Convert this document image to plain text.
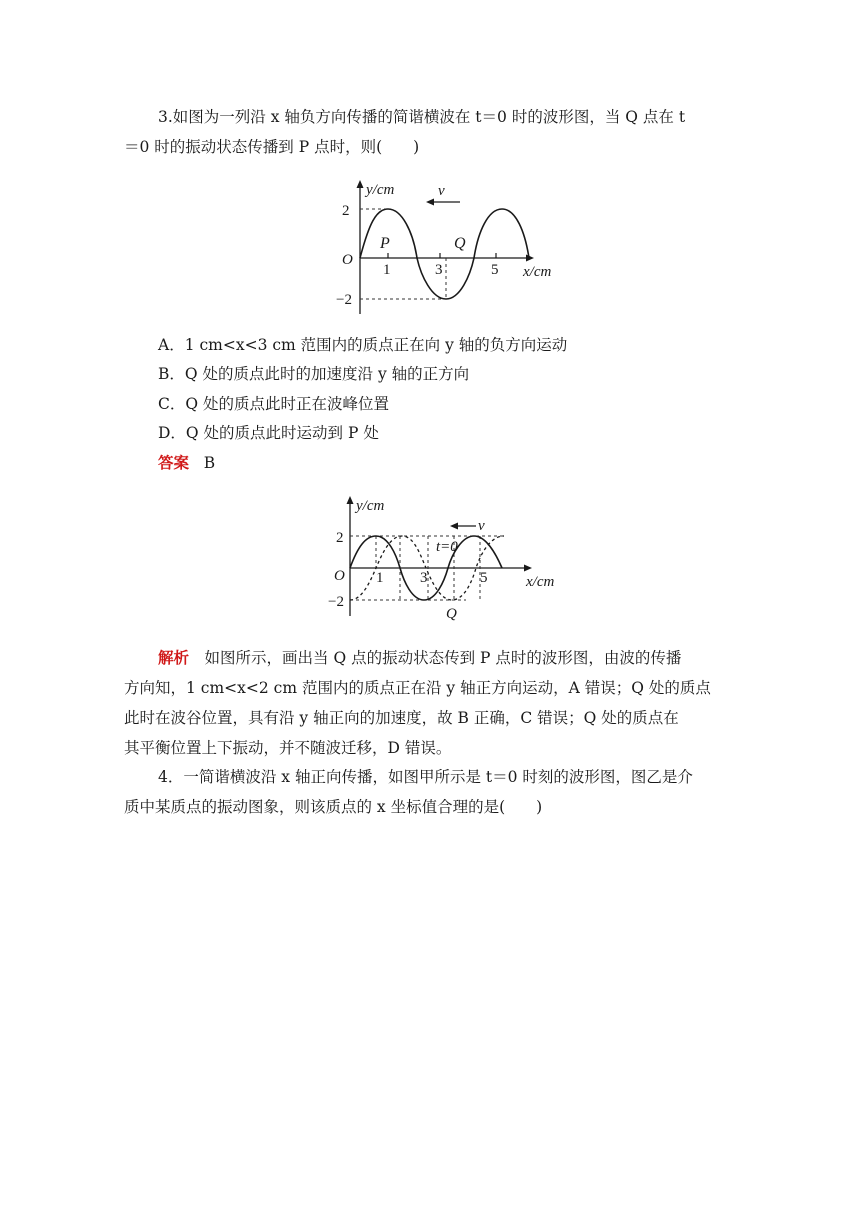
3.如图为一列沿 x 轴负方向传播的简谐横波在 t＝0 时的波形图，当 Q 点在 t
＝0 时的振动状态传播到 P 点时，则(　　)
y/cm	v
2
−2
O
P	Q
1	3	5 x/cm
A．1 cm<x<3 cm 范围内的质点正在向 y 轴的负方向运动
B．Q 处的质点此时的加速度沿 y 轴的正方向
C．Q 处的质点此时正在波峰位置
D．Q 处的质点此时运动到 P 处
答案 B
y/cm
v
t=0
2
−2
O 1 3	5	x/cm
Q
解析　如图所示，画出当 Q 点的振动状态传到 P 点时的波形图，由波的传播
方向知，1 cm<x<2 cm 范围内的质点正在沿 y 轴正方向运动，A 错误；Q 处的质点
此时在波谷位置，具有沿 y 轴正向的加速度，故 B 正确，C 错误；Q 处的质点在
其平衡位置上下振动，并不随波迁移，D 错误。
4．一简谐横波沿 x 轴正向传播，如图甲所示是 t＝0 时刻的波形图，图乙是介
质中某质点的振动图象，则该质点的 x 坐标值合理的是(　　)
